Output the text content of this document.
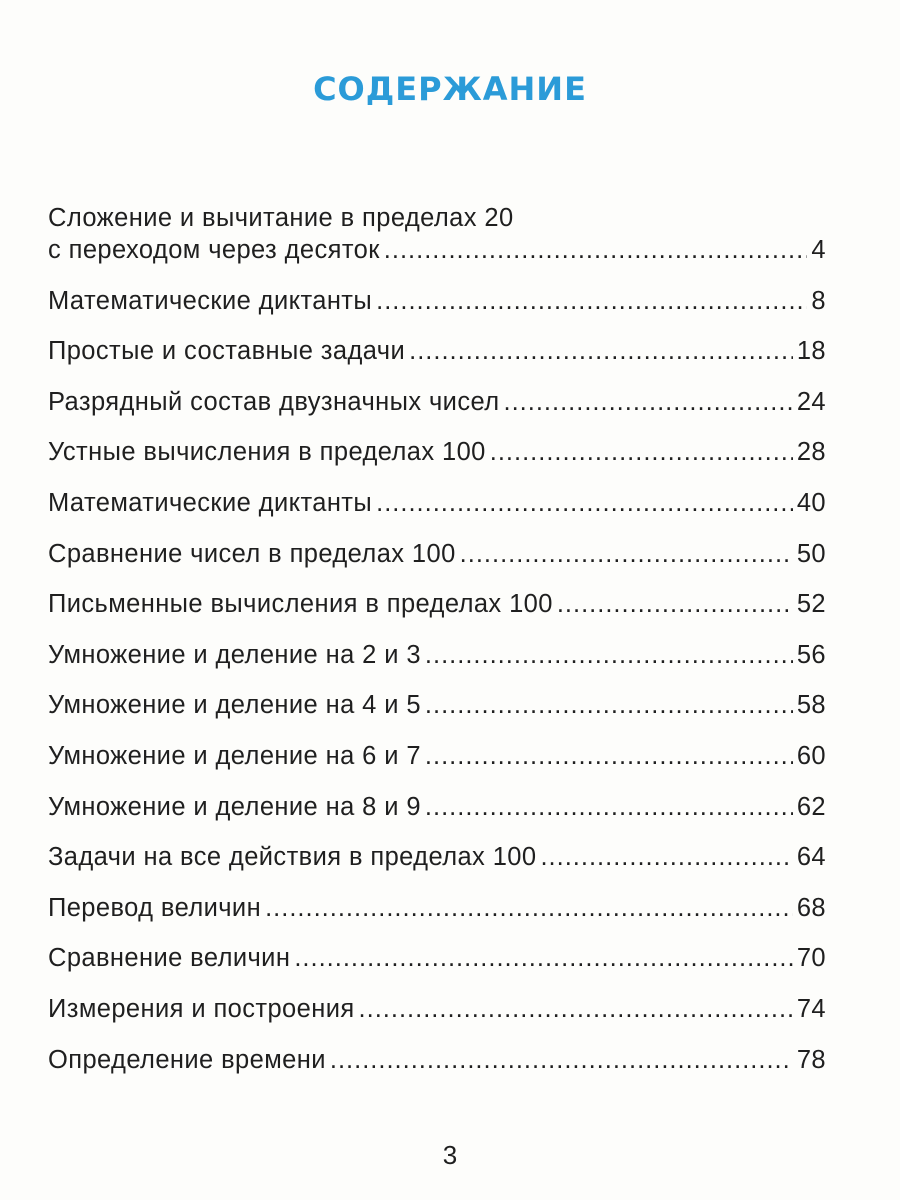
СОДЕРЖАНИЕ
Сложение и вычитание в пределах 20
с переходом через десяток .....	4
Математические диктанты .....	8
Простые и составные задачи .....	18
Разрядный состав двузначных чисел .....	24
Устные вычисления в пределах 100 .....	28
Математические диктанты .....	40
Сравнение чисел в пределах 100 .....	50
Письменные вычисления в пределах 100 .....	52
Умножение и деление на 2 и 3 .....	56
Умножение и деление на 4 и 5 .....	58
Умножение и деление на 6 и 7 .....	60
Умножение и деление на 8 и 9 .....	62
Задачи на все действия в пределах 100 .....	64
Перевод величин .....	68
Сравнение величин .....	70
Измерения и построения .....	74
Определение времени .....	78
3
